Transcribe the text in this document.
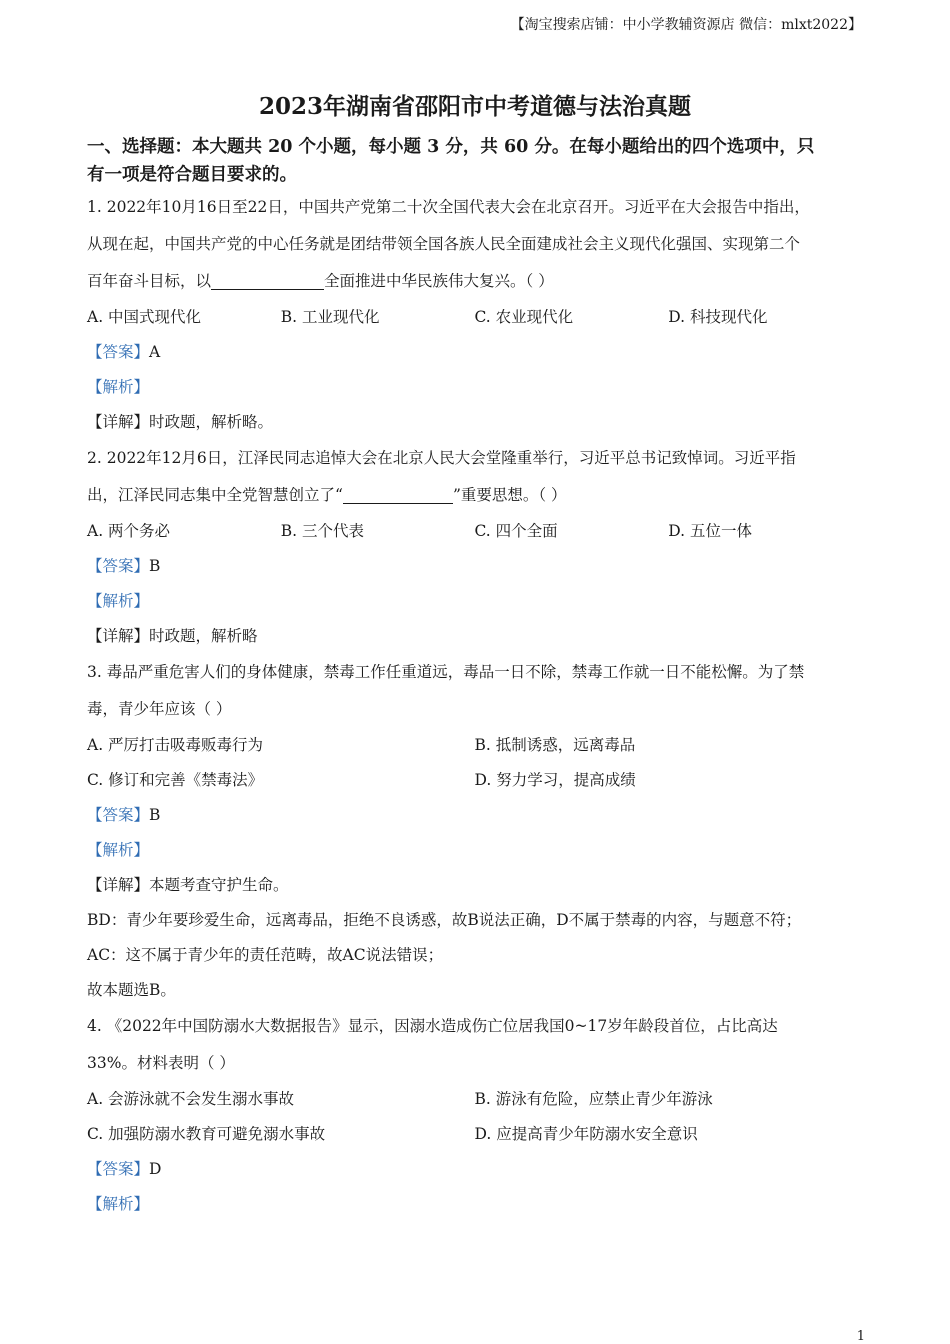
【淘宝搜索店铺：中小学教辅资源店 微信：mlxt2022】
2023年湖南省邵阳市中考道德与法治真题
一、选择题：本大题共 20 个小题，每小题 3 分，共 60 分。在每小题给出的四个选项中，只
有一项是符合题目要求的。
1. 2022年10月16日至22日，中国共产党第二十次全国代表大会在北京召开。习近平在大会报告中指出，
从现在起，中国共产党的中心任务就是团结带领全国各族人民全面建成社会主义现代化强国、实现第二个
百年奋斗目标，以	全面推进中华民族伟大复兴。（ ）
A. 中国式现代化	B. 工业现代化	C. 农业现代化	D. 科技现代化
【答案】A
【解析】
【详解】时政题，解析略。
2. 2022年12月6日，江泽民同志追悼大会在北京人民大会堂隆重举行，习近平总书记致悼词。习近平指
出，江泽民同志集中全党智慧创立了“	”重要思想。（ ）
A. 两个务必	B. 三个代表	C. 四个全面	D. 五位一体
【答案】B
【解析】
【详解】时政题，解析略
3. 毒品严重危害人们的身体健康，禁毒工作任重道远，毒品一日不除，禁毒工作就一日不能松懈。为了禁
毒，青少年应该（ ）
A. 严厉打击吸毒贩毒行为	B. 抵制诱惑，远离毒品
C. 修订和完善《禁毒法》	D. 努力学习，提高成绩
【答案】B
【解析】
【详解】本题考查守护生命。
BD：青少年要珍爱生命，远离毒品，拒绝不良诱惑，故B说法正确，D不属于禁毒的内容，与题意不符；
AC：这不属于青少年的责任范畴，故AC说法错误；
故本题选B。
4. 《2022年中国防溺水大数据报告》显示，因溺水造成伤亡位居我国0~17岁年龄段首位，占比高达
33%。材料表明（ ）
A. 会游泳就不会发生溺水事故	B. 游泳有危险，应禁止青少年游泳
C. 加强防溺水教育可避免溺水事故	D. 应提高青少年防溺水安全意识
【答案】D
【解析】
1
